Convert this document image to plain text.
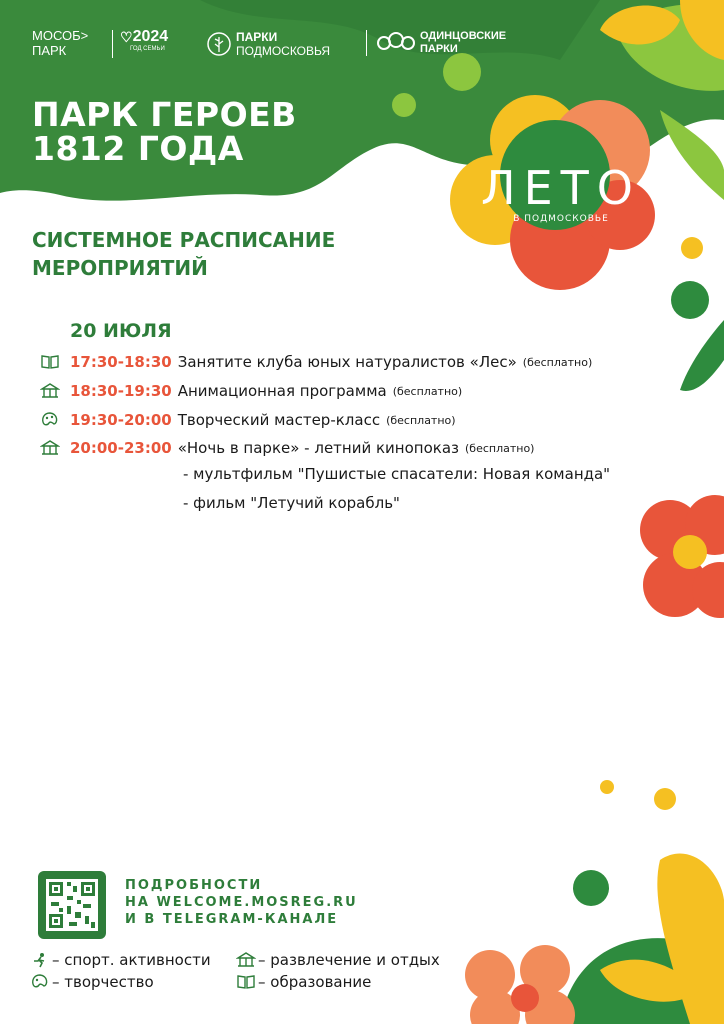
МОСОБ>
ПАРК
♡ 2024
ГОД СЕМЬИ
ПАРКИ
ПОДМОСКОВЬЯ
ОДИНЦОВСКИЕ
ПАРКИ
ПАРК ГЕРОЕВ
1812 ГОДА
ЛЕТО
В ПОДМОСКОВЬЕ
СИСТЕМНОЕ РАСПИСАНИЕ
МЕРОПРИЯТИЙ
20 ИЮЛЯ
17:30-18:30 Занятите клуба юных натуралистов «Лес» (бесплатно)
18:30-19:30 Анимационная программа (бесплатно)
19:30-20:00 Творческий мастер-класс (бесплатно)
20:00-23:00 «Ночь в парке» - летний кинопоказ (бесплатно)
- мультфильм "Пушистые спасатели: Новая команда"
- фильм "Летучий корабль"
ПОДРОБНОСТИ
НА WELCOME.MOSREG.RU
И В TELEGRAM-КАНАЛЕ
– спорт. активности	– развлечение и отдых
– творчество	– образование
